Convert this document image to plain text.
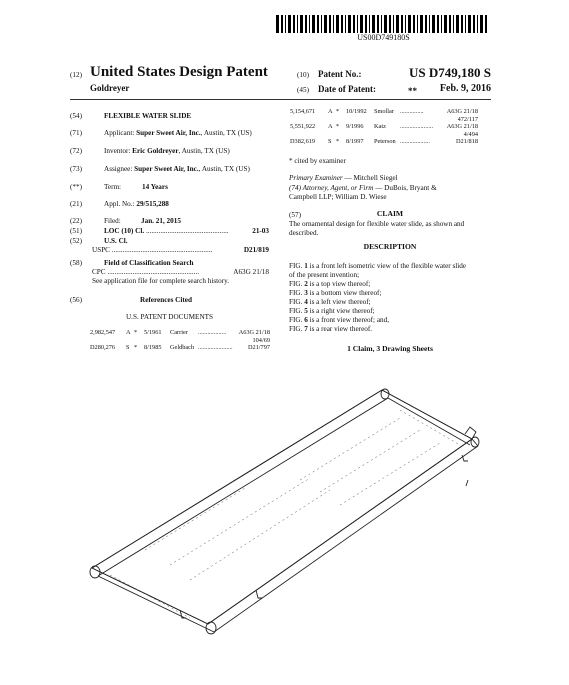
US00D749180S
(12) United States Design Patent
Goldreyer
(10) Patent No.:	US D749,180 S
(45) Date of Patent:	**	Feb. 9, 2016
(54)	FLEXIBLE WATER SLIDE
(71)	Applicant: Super Sweet Air, Inc., Austin, TX (US)
(72)	Inventor: Eric Goldreyer, Austin, TX (US)
(73)	Assignee: Super Sweet Air, Inc., Austin, TX (US)
(**)	Term:	14 Years
(21)	Appl. No.: 29/515,288
(22)	Filed:	Jan. 21, 2015
(51)	LOC (10) Cl. ..............................................	21-03
(52)	U.S. Cl.
USPC ........................................................	D21/819
(58)	Field of Classification Search
CPC ...................................................	A63G 21/18
See application file for complete search history.
(56)	References Cited
U.S. PATENT DOCUMENTS
2,982,547	A	*	5/1961	Carrier	..................	A63G 21/18
104/69
D280,276	S	*	8/1985	Geldbach	......................	D21/797
5,154,671	A	*	10/1992	Smollar	...............	A63G 21/18
472/117
5,551,922	A	*	9/1996	Katz	.....................	A63G 21/18
4/494
D382,619	S	*	8/1997	Peterson	...................	D21/818
* cited by examiner
Primary Examiner — Mitchell Siegel
(74) Attorney, Agent, or Firm — DuBois, Bryant &
Campbell LLP; William D. Wiese
(57)	CLAIM
The ornamental design for flexible water slide, as shown and
described.
DESCRIPTION
FIG. 1 is a front left isometric view of the flexible water slide
of the present invention;
FIG. 2 is a top view thereof;
FIG. 3 is a bottom view thereof;
FIG. 4 is a left view thereof;
FIG. 5 is a right view thereof;
FIG. 6 is a front view thereof; and,
FIG. 7 is a rear view thereof.
1 Claim, 3 Drawing Sheets
